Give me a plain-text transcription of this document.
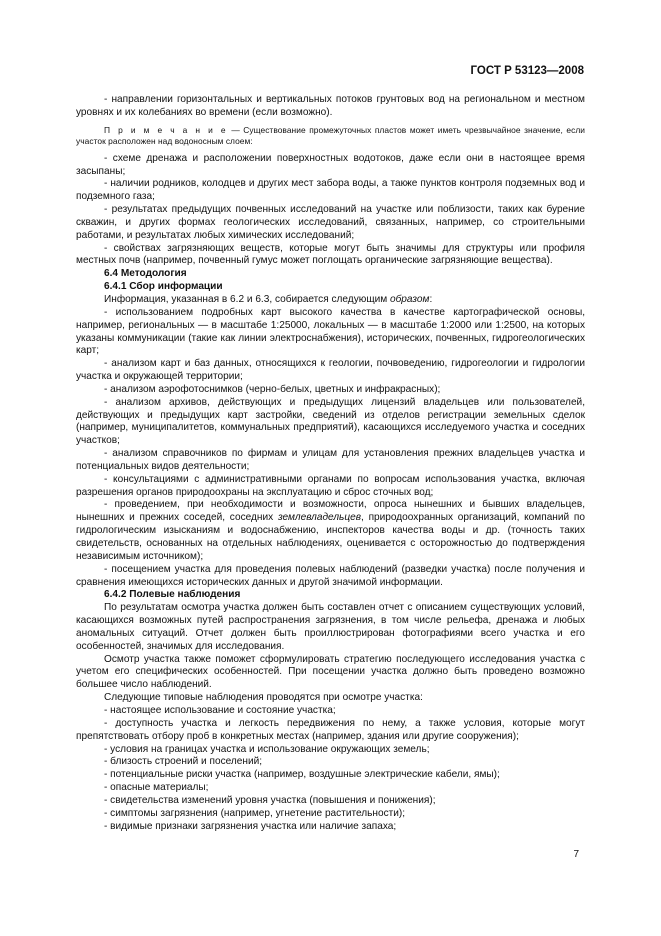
ГОСТ Р 53123—2008

- направлении горизонтальных и вертикальных потоков грунтовых вод на региональном и местном уровнях и их колебаниях во времени (если возможно).

П р и м е ч а н и е — Существование промежуточных пластов может иметь чрезвычайное значение, если участок расположен над водоносным слоем:

- схеме дренажа и расположении поверхностных водотоков, даже если они в настоящее время засыпаны;

- наличии родников, колодцев и других мест забора воды, а также пунктов контроля подземных вод и подземного газа;

- результатах предыдущих почвенных исследований на участке или поблизости, таких как бурение скважин, и других формах геологических исследований, связанных, например, со строительными работами, и результатах любых химических исследований;

- свойствах загрязняющих веществ, которые могут быть значимы для структуры или профиля местных почв (например, почвенный гумус может поглощать органические загрязняющие вещества).

6.4 Методология

6.4.1 Сбор информации

Информация, указанная в 6.2 и 6.3, собирается следующим образом:

- использованием подробных карт высокого качества в качестве картографической основы, например, региональных — в масштабе 1:25000, локальных — в масштабе 1:2000 или 1:2500, на которых указаны коммуникации (такие как линии электроснабжения), исторических, почвенных, гидрогеологических карт;

- анализом карт и баз данных, относящихся к геологии, почвоведению, гидрогеологии и гидрологии участка и окружающей территории;

- анализом аэрофотоснимков (черно-белых, цветных и инфракрасных);

- анализом архивов, действующих и предыдущих лицензий владельцев или пользователей, действующих и предыдущих карт застройки, сведений из отделов регистрации земельных сделок (например, муниципалитетов, коммунальных предприятий), касающихся исследуемого участка и соседних участков;

- анализом справочников по фирмам и улицам для установления прежних владельцев участка и потенциальных видов деятельности;

- консультациями с административными органами по вопросам использования участка, включая разрешения органов природоохраны на эксплуатацию и сброс сточных вод;

- проведением, при необходимости и возможности, опроса нынешних и бывших владельцев, нынешних и прежних соседей, соседних землевладельцев, природоохранных организаций, компаний по гидрологическим изысканиям и водоснабжению, инспекторов качества воды и др. (точность таких свидетельств, основанных на отдельных наблюдениях, оценивается с осторожностью до подтверждения независимым источником);

- посещением участка для проведения полевых наблюдений (разведки участка) после получения и сравнения имеющихся исторических данных и другой значимой информации.

6.4.2 Полевые наблюдения

По результатам осмотра участка должен быть составлен отчет с описанием существующих условий, касающихся возможных путей распространения загрязнения, в том числе рельефа, дренажа и любых аномальных ситуаций. Отчет должен быть проиллюстрирован фотографиями всего участка и его особенностей, значимых для исследования.

Осмотр участка также поможет сформулировать стратегию последующего исследования участка с учетом его специфических особенностей. При посещении участка должно быть проведено возможно большее число наблюдений.

Следующие типовые наблюдения проводятся при осмотре участка:

- настоящее использование и состояние участка;

- доступность участка и легкость передвижения по нему, а также условия, которые могут препятствовать отбору проб в конкретных местах (например, здания или другие сооружения);

- условия на границах участка и использование окружающих земель;

- близость строений и поселений;

- потенциальные риски участка (например, воздушные электрические кабели, ямы);

- опасные материалы;

- свидетельства изменений уровня участка (повышения и понижения);

- симптомы загрязнения (например, угнетение растительности);

- видимые признаки загрязнения участка или наличие запаха;

7
